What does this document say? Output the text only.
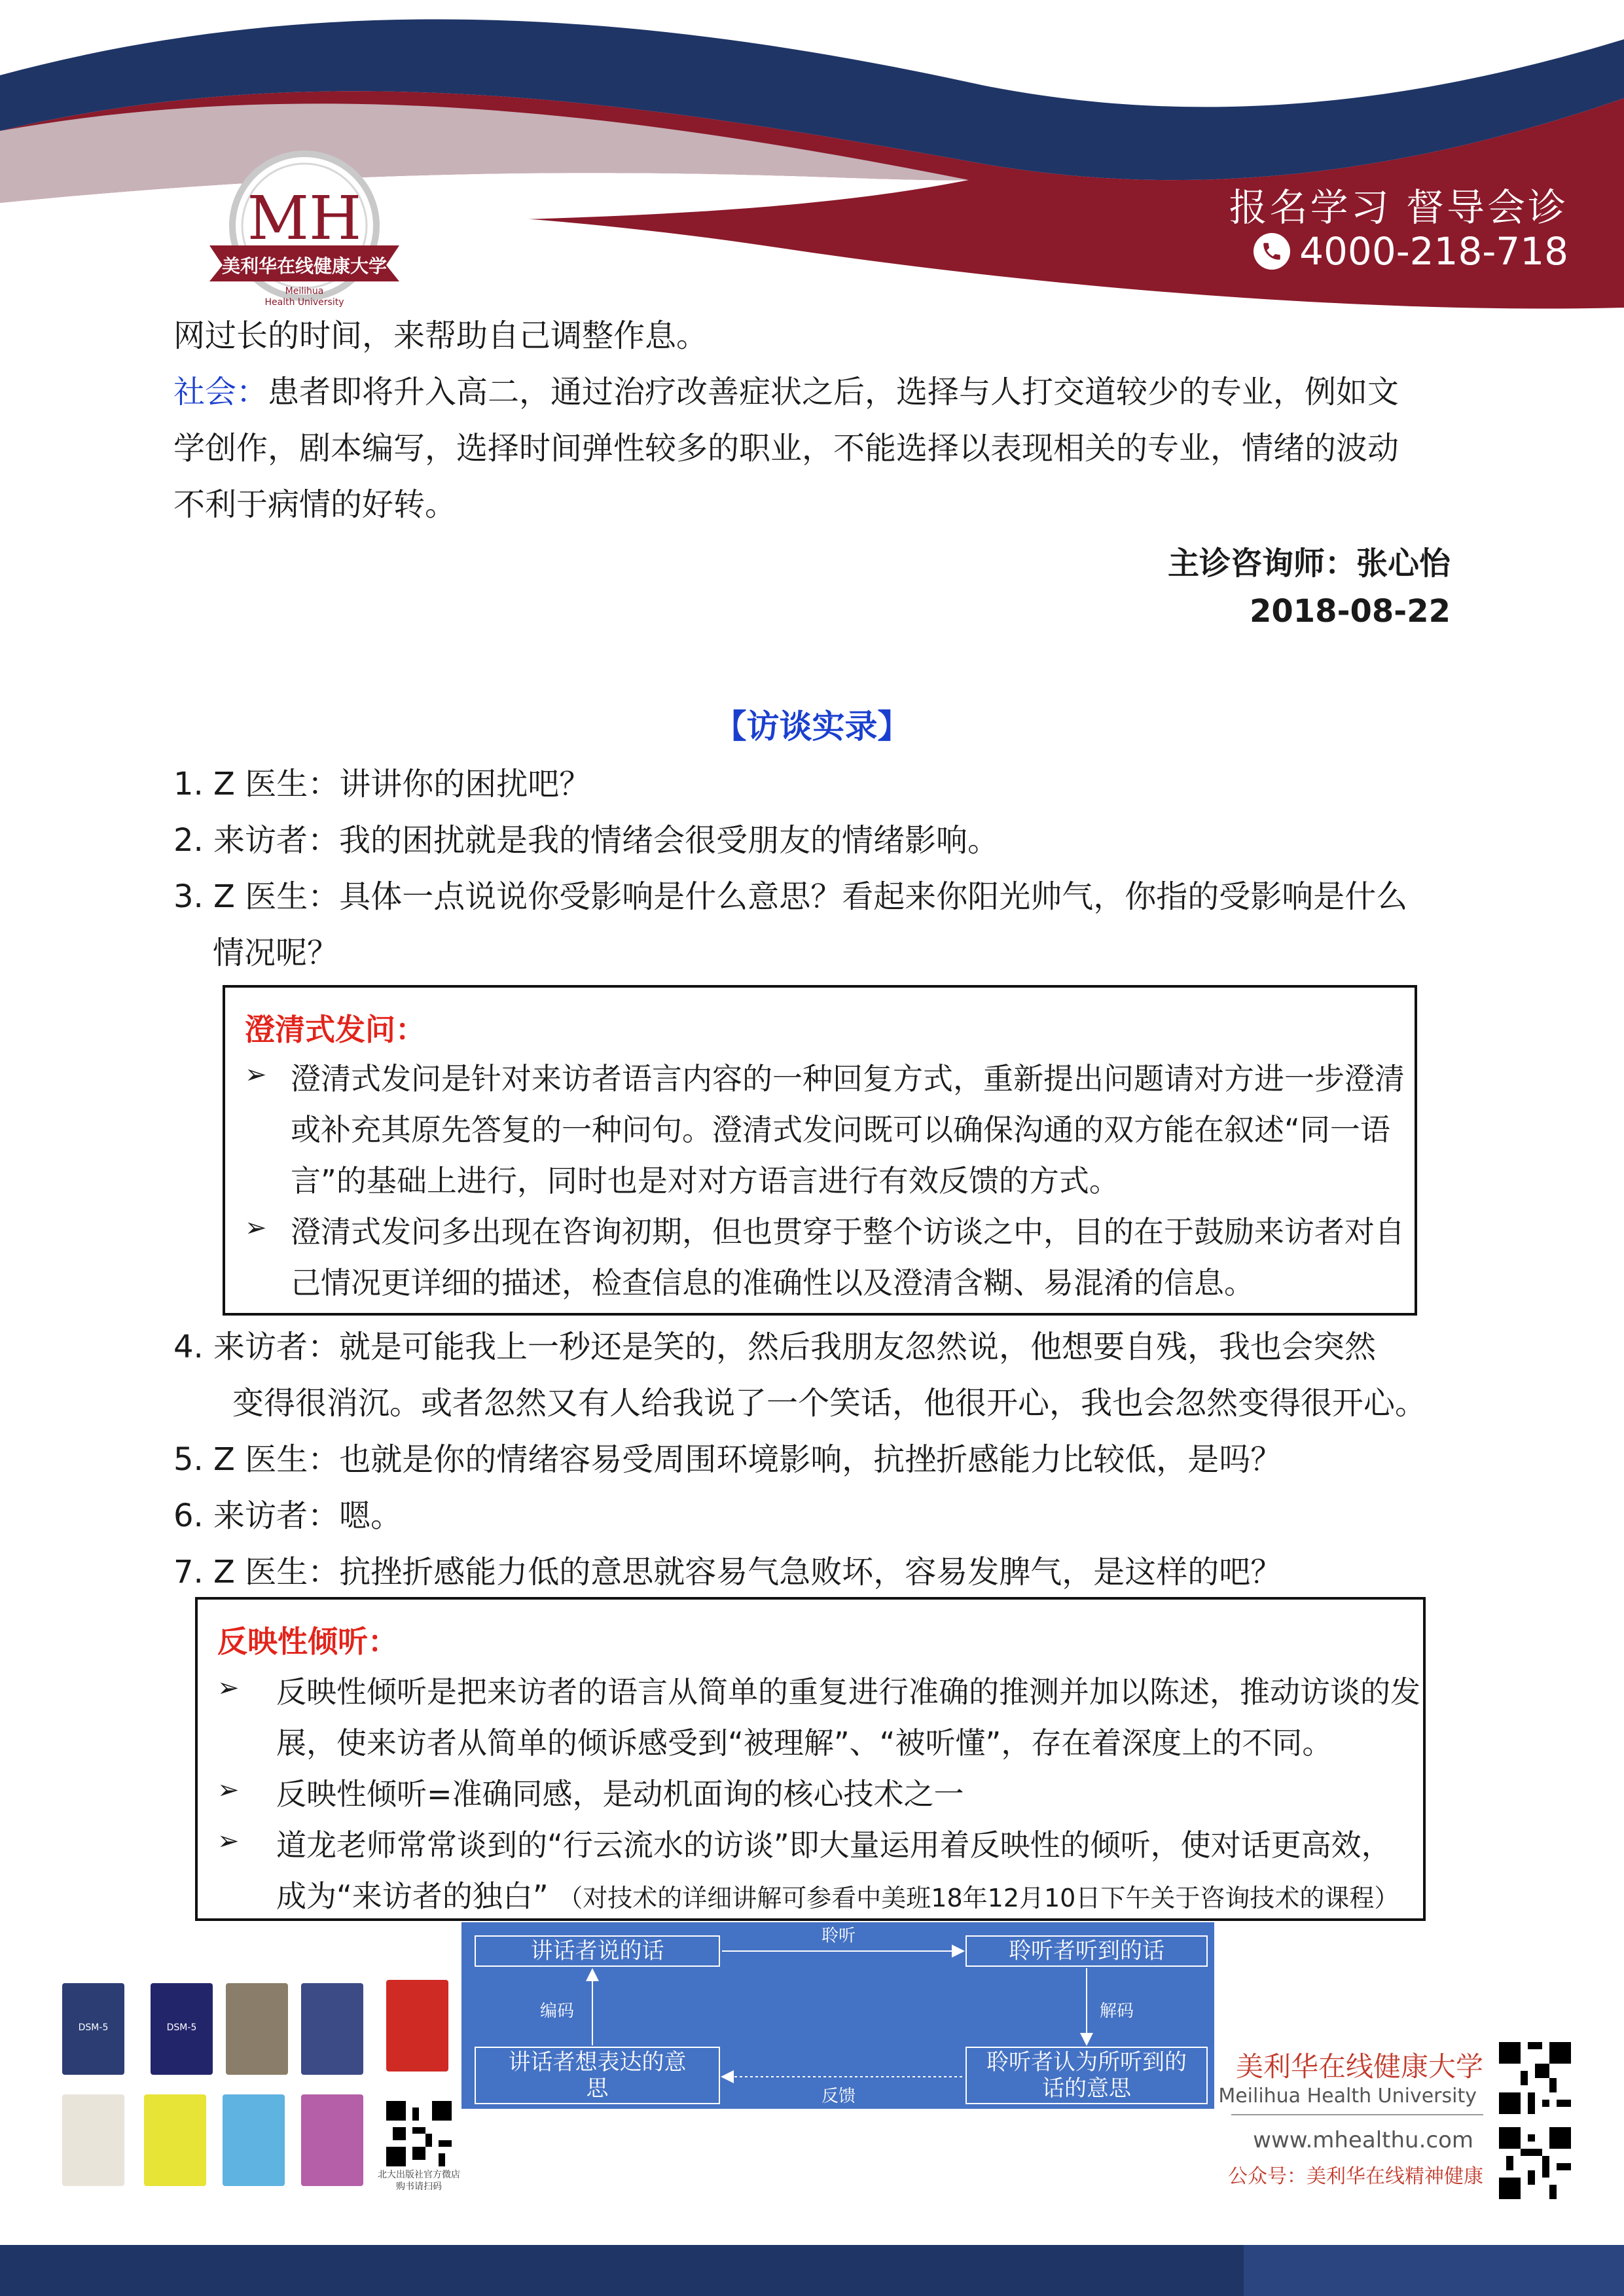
MH
美利华在线健康大学
Meilihua
Health University
报名学习 督导会诊
4000-218-718
网过长的时间，来帮助自己调整作息。
社会：患者即将升入高二，通过治疗改善症状之后，选择与人打交道较少的专业，例如文
学创作，剧本编写，选择时间弹性较多的职业，不能选择以表现相关的专业，情绪的波动
不利于病情的好转。
主诊咨询师：张心怡
2018-08-22
【访谈实录】
1. Z 医生：讲讲你的困扰吧？
2. 来访者：我的困扰就是我的情绪会很受朋友的情绪影响。
3. Z 医生：具体一点说说你受影响是什么意思？看起来你阳光帅气，你指的受影响是什么
情况呢？
澄清式发问：
➢ 澄清式发问是针对来访者语言内容的一种回复方式，重新提出问题请对方进一步澄清
或补充其原先答复的一种问句。澄清式发问既可以确保沟通的双方能在叙述“同一语
言”的基础上进行，同时也是对对方语言进行有效反馈的方式。
➢ 澄清式发问多出现在咨询初期，但也贯穿于整个访谈之中，目的在于鼓励来访者对自
己情况更详细的描述，检查信息的准确性以及澄清含糊、易混淆的信息。
4. 来访者：就是可能我上一秒还是笑的，然后我朋友忽然说，他想要自残，我也会突然
变得很消沉。或者忽然又有人给我说了一个笑话，他很开心，我也会忽然变得很开心。
5. Z 医生：也就是你的情绪容易受周围环境影响，抗挫折感能力比较低，是吗？
6. 来访者：嗯。
7. Z 医生：抗挫折感能力低的意思就容易气急败坏，容易发脾气，是这样的吧？
反映性倾听：
➢ 反映性倾听是把来访者的语言从简单的重复进行准确的推测并加以陈述，推动访谈的发
展，使来访者从简单的倾诉感受到“被理解”、“被听懂”，存在着深度上的不同。
➢ 反映性倾听=准确同感，是动机面询的核心技术之一
➢ 道龙老师常常谈到的“行云流水的访谈”即大量运用着反映性的倾听，使对话更高效，
成为“来访者的独白” （对技术的详细讲解可参看中美班18年12月10日下午关于咨询技术的课程）
DSM-5	DSM-5
北大出版社官方微店
购书请扫码
讲话者说的话	聆听者听到的话
讲话者想表达的意思
聆听者认为所听到的话的意思
聆听
编码	解码
反馈
美利华在线健康大学
Meilihua Health University
www.mhealthu.com
公众号：美利华在线精神健康
